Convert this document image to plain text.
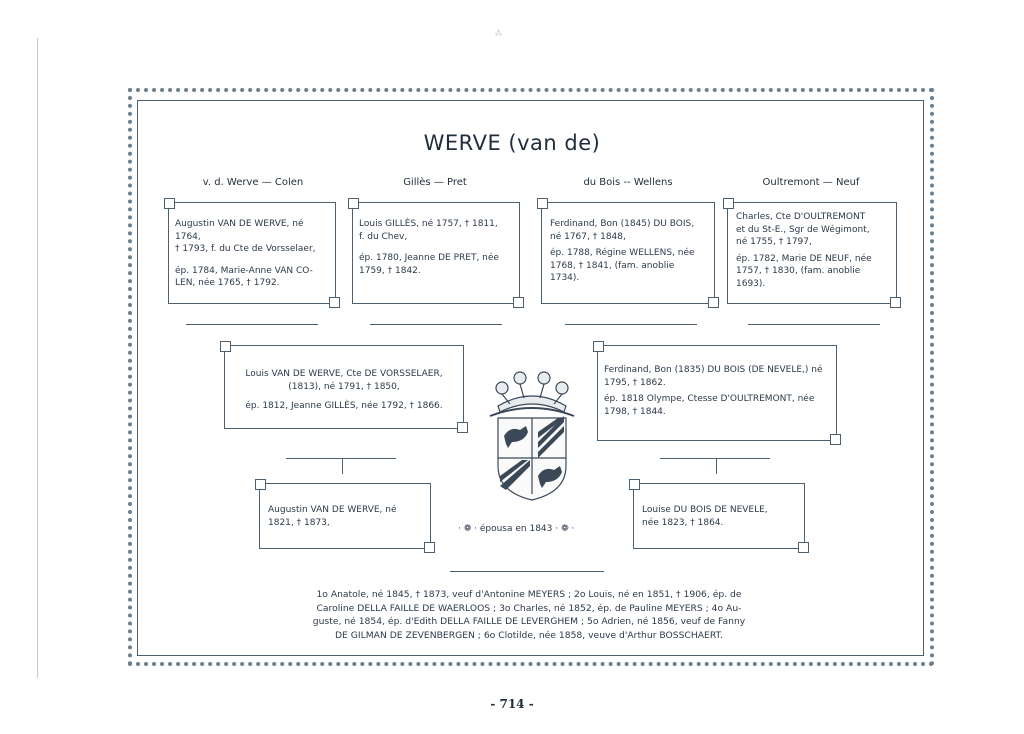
⁂
WERVE (van de)
v. d. Werve — Colen	Gillès — Pret	du Bois -- Wellens	Oultremont — Neuf

Augustin VAN DE WERVE, né 1764,

† 1793, f. du Cte de Vorsselaer,

ép. 1784, Marie-Anne VAN CO-

LEN, née 1765, † 1792.

Louis GILLÈS, né 1757, † 1811,

f. du Chev,

ép. 1780, Jeanne DE PRET, née

1759, † 1842.

Ferdinand, Bon (1845) DU BOIS,

né 1767, † 1848,

ép. 1788, Régine WELLENS, née

1768, † 1841, (fam. anoblie

1734).

Charles, Cte D'OULTREMONT

et du St-E., Sgr de Wégimont,

né 1755, † 1797,

ép. 1782, Marie DE NEUF, née

1757, † 1830, (fam. anoblie

1693).

Louis VAN DE WERVE, Cte DE VORSSELAER,

(1813), né 1791, † 1850,

ép. 1812, Jeanne GILLÈS, née 1792, † 1866.

Ferdinand, Bon (1835) DU BOIS (DE NEVELE,) né

1795, † 1862.

ép. 1818 Olympe, Ctesse D'OULTREMONT, née

1798, † 1844.

Augustin VAN DE WERVE, né

1821, † 1873,

Louise DU BOIS DE NEVELE,

née 1823, † 1864.

· ❁ · épousa en 1843 · ❁ ·
1o Anatole, né 1845, † 1873, veuf d'Antonine MEYERS ; 2o Louis, né en 1851, † 1906, ép. de
Caroline DELLA FAILLE DE WAERLOOS ; 3o Charles, né 1852, ép. de Pauline MEYERS ; 4o Au-
guste, né 1854, ép. d'Edith DELLA FAILLE DE LEVERGHEM ; 5o Adrien, né 1856, veuf de Fanny
DE GILMAN DE ZEVENBERGEN ; 6o Clotilde, née 1858, veuve d'Arthur BOSSCHAERT.
- 714 -
